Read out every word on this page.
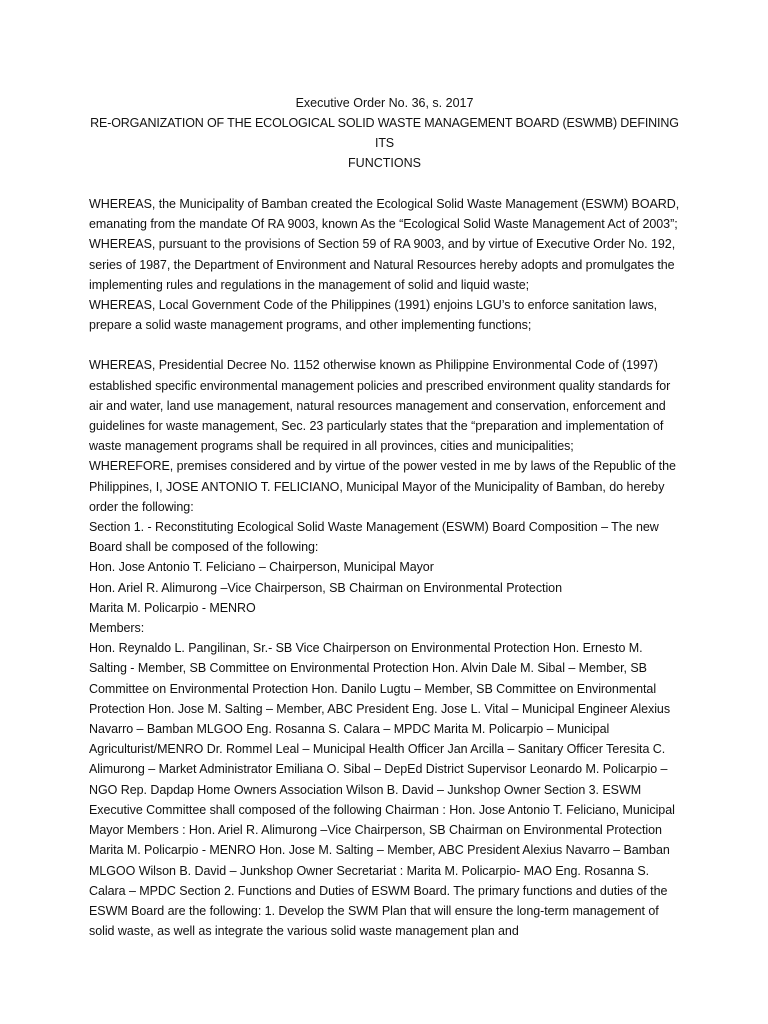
Executive Order No. 36, s. 2017

RE-ORGANIZATION OF THE ECOLOGICAL SOLID WASTE MANAGEMENT BOARD (ESWMB) DEFINING ITS

FUNCTIONS

WHEREAS, the Municipality of Bamban created the Ecological Solid Waste Management (ESWM) BOARD, emanating from the mandate Of RA 9003, known As the “Ecological Solid Waste Management Act of 2003”; WHEREAS, pursuant to the provisions of Section 59 of RA 9003, and by virtue of Executive Order No. 192, series of 1987, the Department of Environment and Natural Resources hereby adopts and promulgates the implementing rules and regulations in the management of solid and liquid waste;

WHEREAS, Local Government Code of the Philippines (1991) enjoins LGU’s to enforce sanitation laws, prepare a solid waste management programs, and other implementing functions;

WHEREAS, Presidential Decree No. 1152 otherwise known as Philippine Environmental Code of (1997) established specific environmental management policies and prescribed environment quality standards for air and water, land use management, natural resources management and conservation, enforcement and guidelines for waste management, Sec. 23 particularly states that the “preparation and implementation of waste management programs shall be required in all provinces, cities and municipalities;

WHEREFORE, premises considered and by virtue of the power vested in me by laws of the Republic of the Philippines, I, JOSE ANTONIO T. FELICIANO, Municipal Mayor of the Municipality of Bamban, do hereby order the following:

Section 1. - Reconstituting Ecological Solid Waste Management (ESWM) Board Composition – The new Board shall be composed of the following:

Hon. Jose Antonio T. Feliciano – Chairperson, Municipal Mayor

Hon. Ariel R. Alimurong –Vice Chairperson, SB Chairman on Environmental Protection

Marita M. Policarpio - MENRO

Members:

Hon. Reynaldo L. Pangilinan, Sr.- SB Vice Chairperson on Environmental Protection Hon. Ernesto M. Salting - Member, SB Committee on Environmental Protection Hon. Alvin Dale M. Sibal – Member, SB Committee on Environmental Protection Hon. Danilo Lugtu – Member, SB Committee on Environmental Protection Hon. Jose M. Salting – Member, ABC President Eng. Jose L. Vital – Municipal Engineer Alexius Navarro – Bamban MLGOO Eng. Rosanna S. Calara – MPDC Marita M. Policarpio – Municipal Agriculturist/MENRO Dr. Rommel Leal – Municipal Health Officer Jan Arcilla – Sanitary Officer Teresita C. Alimurong – Market Administrator Emiliana O. Sibal – DepEd District Supervisor Leonardo M. Policarpio – NGO Rep. Dapdap Home Owners Association Wilson B. David – Junkshop Owner Section 3. ESWM Executive Committee shall composed of the following Chairman : Hon. Jose Antonio T. Feliciano, Municipal Mayor Members : Hon. Ariel R. Alimurong –Vice Chairperson, SB Chairman on Environmental Protection Marita M. Policarpio - MENRO Hon. Jose M. Salting – Member, ABC President Alexius Navarro – Bamban MLGOO Wilson B. David – Junkshop Owner Secretariat : Marita M. Policarpio- MAO Eng. Rosanna S. Calara – MPDC Section 2. Functions and Duties of ESWM Board. The primary functions and duties of the ESWM Board are the following: 1. Develop the SWM Plan that will ensure the long-term management of solid waste, as well as integrate the various solid waste management plan and
